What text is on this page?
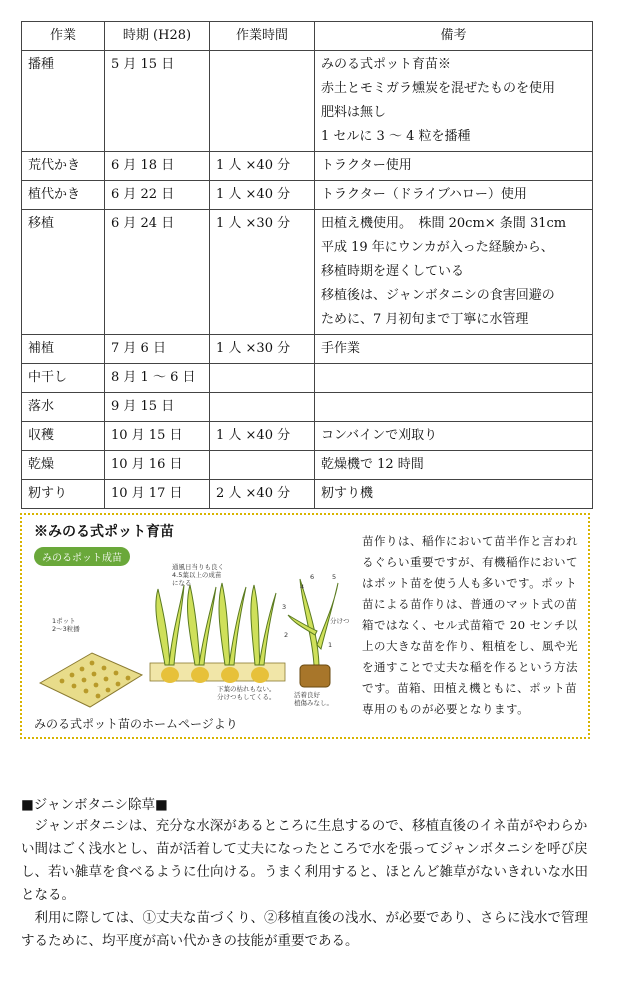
作業	時期 (H28)	作業時間	備考
播種	5 月 15 日		みのる式ポット育苗※
赤土とモミガラ燻炭を混ぜたものを使用
肥料は無し
1 セルに 3 ～ 4 粒を播種

荒代かき	6 月 18 日	1 人 ×40 分	トラクター使用

植代かき	6 月 22 日	1 人 ×40 分	トラクター（ドライブハロー）使用

移植	6 月 24 日	1 人 ×30 分	田植え機使用。　株間 20cm× 条間 31cm
平成 19 年にウンカが入った経験から、
移植時期を遅くしている
移植後は、ジャンボタニシの食害回避の
ために、7 月初旬まで丁寧に水管理

補植	7 月 6 日	1 人 ×30 分	手作業

中干し	8 月 1 ～ 6 日		

落水	9 月 15 日		

収穫	10 月 15 日	1 人 ×40 分	コンバインで刈取り

乾燥	10 月 16 日		乾燥機で 12 時間

籾すり	10 月 17 日	2 人 ×40 分	籾すり機
※みのる式ポット育苗
みのるポット成苗
1ポット 2～3粒播
通風日当りも良く 4.5葉以上の成苗になる
下葉の枯れもない。分けつもしてくる。
6	5
4
3
2
1
分けつ
活着良好植傷みなし。
みのる式ポット苗のホームページより
苗作りは、稲作において苗半作と言われるぐらい重要ですが、有機稲作においてはポット苗を使う人も多いです。ポット苗による苗作りは、普通のマット式の苗箱ではなく、セル式苗箱で 20 センチ以上の大きな苗を作り、粗植をし、風や光を通すことで丈夫な稲を作るという方法です。苗箱、田植え機ともに、ポット苗専用のものが必要となります。
■ジャンボタニシ除草■

ジャンボタニシは、充分な水深があるところに生息するので、移植直後のイネ苗がやわらかい間はごく浅水とし、苗が活着して丈夫になったところで水を張ってジャンボタニシを呼び戻し、若い雑草を食べるように仕向ける。うまく利用すると、ほとんど雑草がないきれいな水田となる。

利用に際しては、①丈夫な苗づくり、②移植直後の浅水、が必要であり、さらに浅水で管理するために、均平度が高い代かきの技能が重要である。
